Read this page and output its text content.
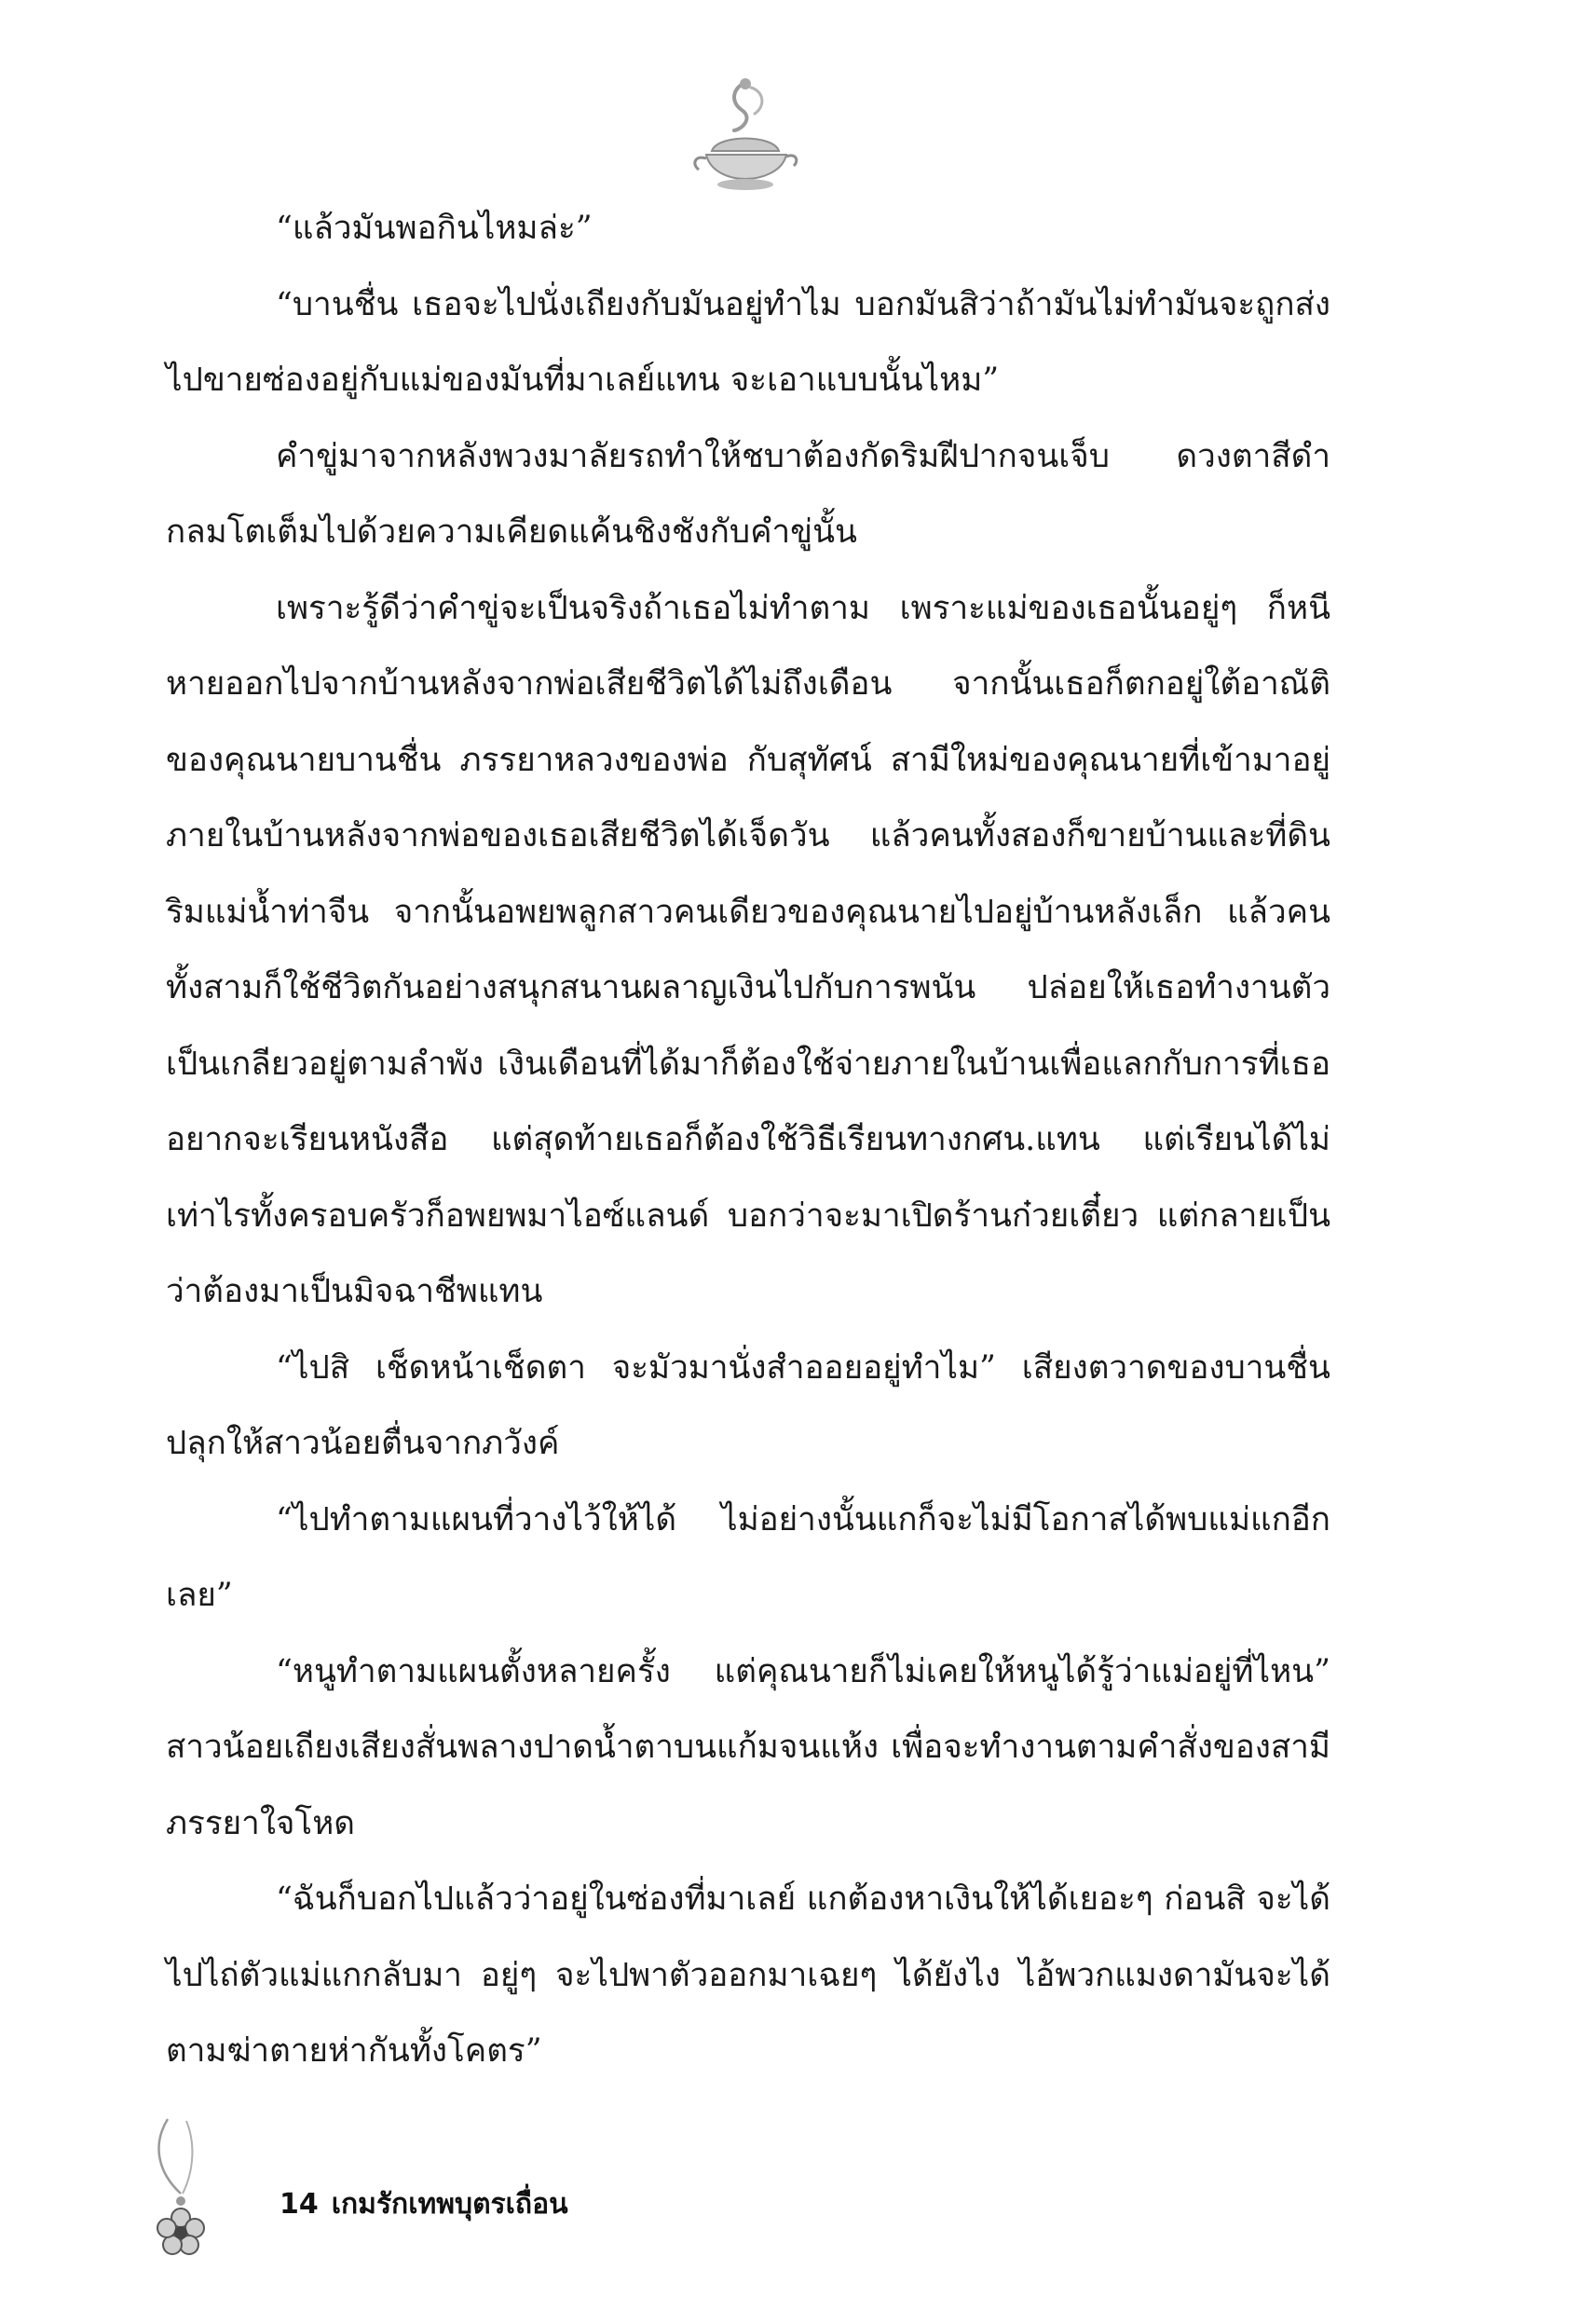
“แล้วมันพอกินไหมล่ะ”

“บานชื่น เธอจะไปนั่งเถียงกับมันอยู่ทำไม บอกมันสิว่าถ้ามันไม่ทำมันจะถูกส่งไปขายซ่องอยู่กับแม่ของมันที่มาเลย์แทน จะเอาแบบนั้นไหม”

คำขู่มาจากหลังพวงมาลัยรถทำให้ชบาต้องกัดริมฝีปากจนเจ็บ ดวงตาสีดำกลมโตเต็มไปด้วยความเคียดแค้นชิงชังกับคำขู่นั้น

เพราะรู้ดีว่าคำขู่จะเป็นจริงถ้าเธอไม่ทำตาม เพราะแม่ของเธอนั้นอยู่ๆ ก็หนีหายออกไปจากบ้านหลังจากพ่อเสียชีวิตได้ไม่ถึงเดือน จากนั้นเธอก็ตกอยู่ใต้อาณัติของคุณนายบานชื่น ภรรยาหลวงของพ่อ กับสุทัศน์ สามีใหม่ของคุณนายที่เข้ามาอยู่ภายในบ้านหลังจากพ่อของเธอเสียชีวิตได้เจ็ดวัน แล้วคนทั้งสองก็ขายบ้านและที่ดินริมแม่น้ำท่าจีน จากนั้นอพยพลูกสาวคนเดียวของคุณนายไปอยู่บ้านหลังเล็ก แล้วคนทั้งสามก็ใช้ชีวิตกันอย่างสนุกสนานผลาญเงินไปกับการพนัน ปล่อยให้เธอทำงานตัวเป็นเกลียวอยู่ตามลำพัง เงินเดือนที่ได้มาก็ต้องใช้จ่ายภายในบ้านเพื่อแลกกับการที่เธออยากจะเรียนหนังสือ แต่สุดท้ายเธอก็ต้องใช้วิธีเรียนทางกศน.แทน แต่เรียนได้ไม่เท่าไรทั้งครอบครัวก็อพยพมาไอซ์แลนด์ บอกว่าจะมาเปิดร้านก๋วยเตี๋ยว แต่กลายเป็นว่าต้องมาเป็นมิจฉาชีพแทน

“ไปสิ เช็ดหน้าเช็ดตา จะมัวมานั่งสำออยอยู่ทำไม” เสียงตวาดของบานชื่นปลุกให้สาวน้อยตื่นจากภวังค์

“ไปทำตามแผนที่วางไว้ให้ได้ ไม่อย่างนั้นแกก็จะไม่มีโอกาสได้พบแม่แกอีกเลย”

“หนูทำตามแผนตั้งหลายครั้ง แต่คุณนายก็ไม่เคยให้หนูได้รู้ว่าแม่อยู่ที่ไหน” สาวน้อยเถียงเสียงสั่นพลางปาดน้ำตาบนแก้มจนแห้ง เพื่อจะทำงานตามคำสั่งของสามีภรรยาใจโหด

“ฉันก็บอกไปแล้วว่าอยู่ในซ่องที่มาเลย์ แกต้องหาเงินให้ได้เยอะๆ ก่อนสิ จะได้ไปไถ่ตัวแม่แกกลับมา อยู่ๆ จะไปพาตัวออกมาเฉยๆ ได้ยังไง ไอ้พวกแมงดามันจะได้ตามฆ่าตายห่ากันทั้งโคตร”

14 เกมรักเทพบุตรเถื่อน
